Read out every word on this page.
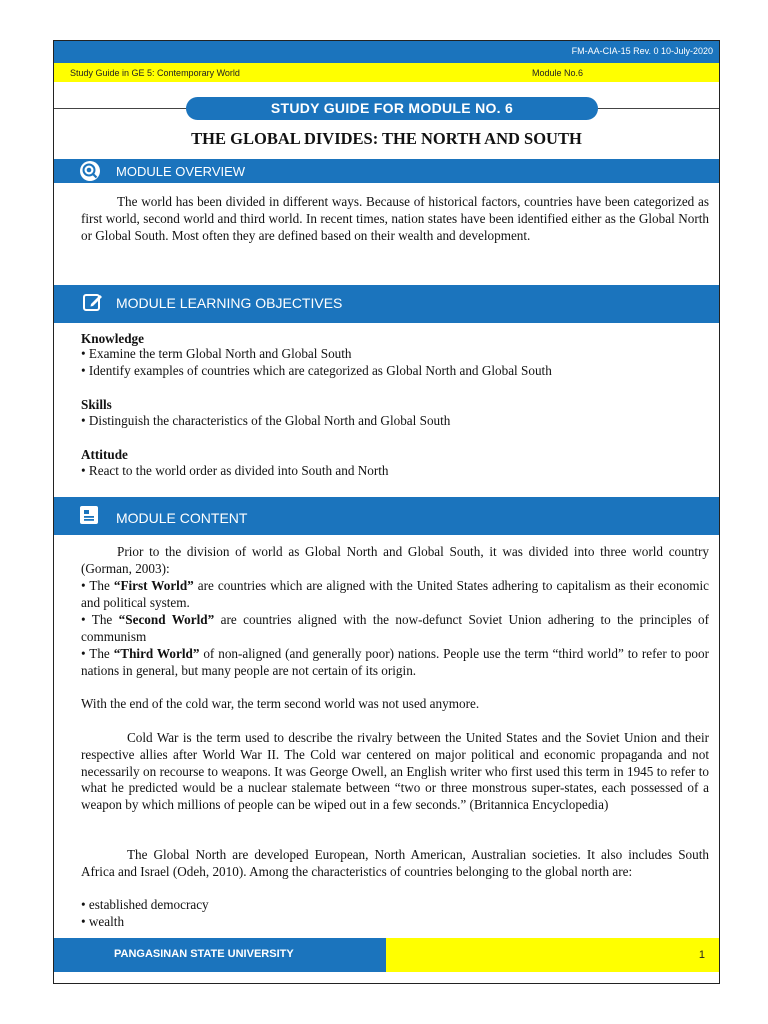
FM-AA-CIA-15 Rev. 0 10-July-2020
Study Guide in GE 5: Contemporary World	Module No.6
STUDY GUIDE FOR MODULE NO. 6
THE GLOBAL DIVIDES: THE NORTH AND SOUTH
MODULE OVERVIEW
The world has been divided in different ways. Because of historical factors, countries have been categorized as first world, second world and third world. In recent times, nation states have been identified either as the Global North or Global South. Most often they are defined based on their wealth and development.
MODULE LEARNING OBJECTIVES
Knowledge
• Examine the term Global North and Global South
• Identify examples of countries which are categorized as Global North and Global South
Skills
• Distinguish the characteristics of the Global North and Global South
Attitude
• React to the world order as divided into South and North
MODULE CONTENT
Prior to the division of world as Global North and Global South, it was divided into three world country (Gorman, 2003):
• The “First World” are countries which are aligned with the United States adhering to capitalism as their economic and political system.
• The “Second World” are countries aligned with the now-defunct Soviet Union adhering to the principles of communism
• The “Third World” of non-aligned (and generally poor) nations. People use the term “third world” to refer to poor nations in general, but many people are not certain of its origin.
With the end of the cold war, the term second world was not used anymore.
Cold War is the term used to describe the rivalry between the United States and the Soviet Union and their respective allies after World War II. The Cold war centered on major political and economic propaganda and not necessarily on recourse to weapons. It was George Owell, an English writer who first used this term in 1945 to refer to what he predicted would be a nuclear stalemate between “two or three monstrous super-states, each possessed of a weapon by which millions of people can be wiped out in a few seconds.” (Britannica Encyclopedia)
The Global North are developed European, North American, Australian societies. It also includes South Africa and Israel (Odeh, 2010). Among the characteristics of countries belonging to the global north are:
• established democracy
• wealth
PANGASINAN STATE UNIVERSITY	1
